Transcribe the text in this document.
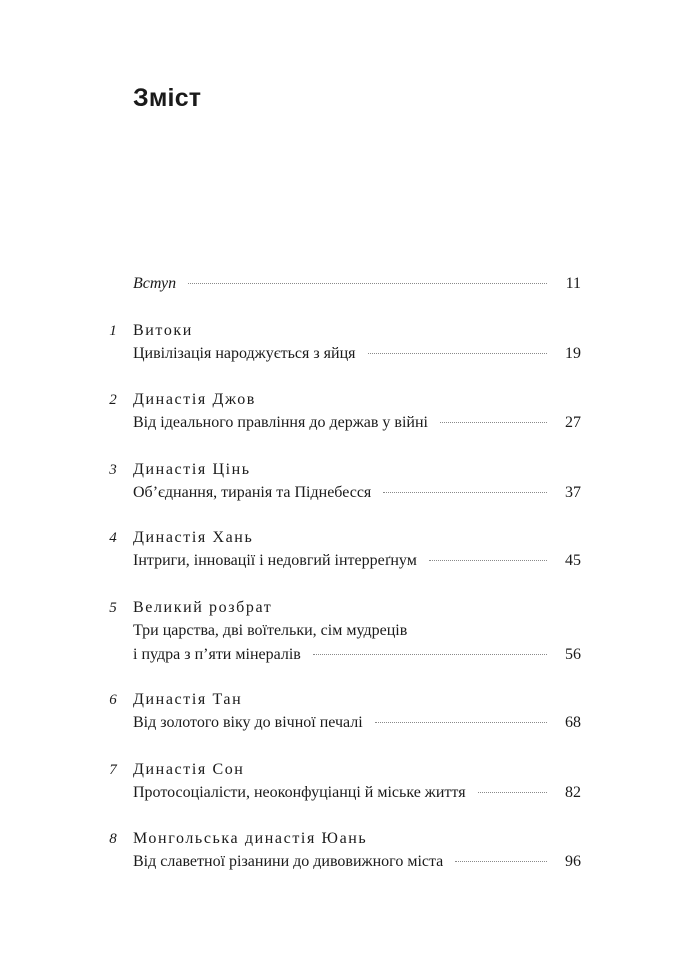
Зміст
Вступ	11
1	Витоки
Цивілізація народжується з яйця	19
2	Династія Джов
Від ідеального правління до держав у війні	27
3	Династія Цінь
Об’єднання, тиранія та Піднебесся	37
4	Династія Хань
Інтриги, інновації і недовгий інтерреґнум	45
5	Великий розбрат
Три царства, дві воїтельки, сім мудреців
і пудра з п’яти мінералів	56
6	Династія Тан
Від золотого віку до вічної печалі	68
7	Династія Сон
Протосоціалісти, неоконфуціанці й міське життя	82
8	Монгольська династія Юань
Від славетної різанини до дивовижного міста	96
